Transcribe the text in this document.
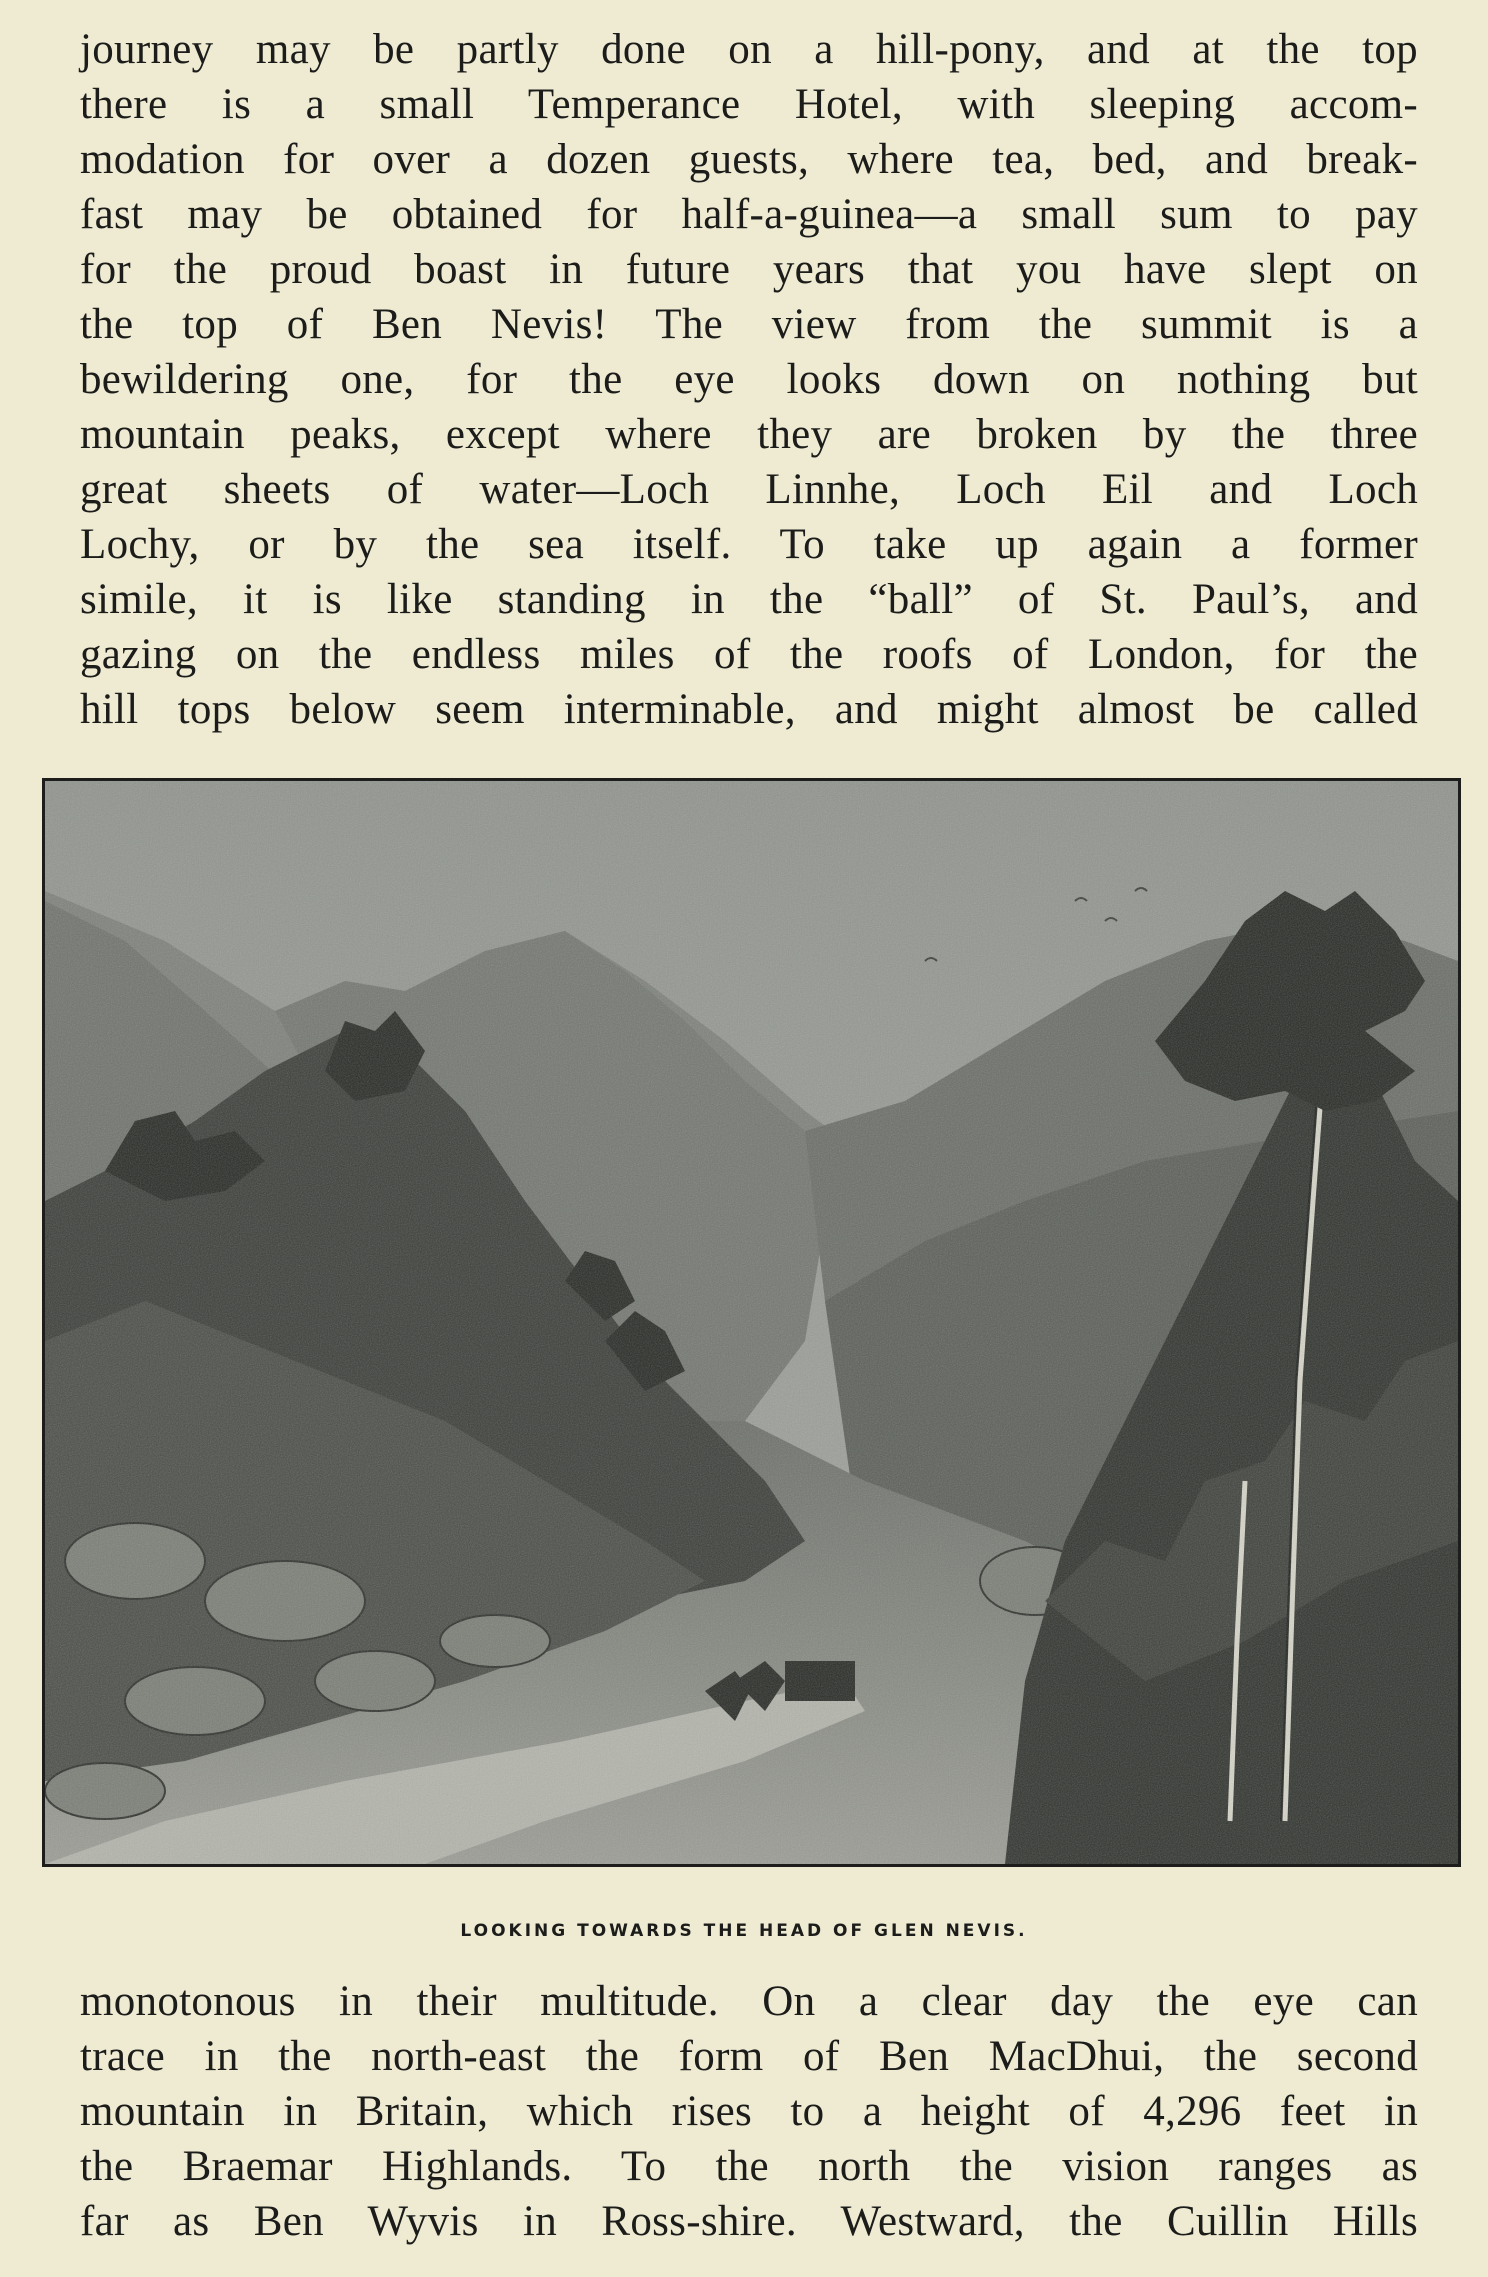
journey may be partly done on a hill-pony, and at the top

there is a small Temperance Hotel, with sleeping accom-

modation for over a dozen guests, where tea, bed, and break-

fast may be obtained for half-a-guinea—a small sum to pay

for the proud boast in future years that you have slept on

the top of Ben Nevis! The view from the summit is a

bewildering one, for the eye looks down on nothing but

mountain peaks, except where they are broken by the three

great sheets of water—Loch Linnhe, Loch Eil and Loch

Lochy, or by the sea itself. To take up again a former

simile, it is like standing in the “ball” of St. Paul’s, and

gazing on the endless miles of the roofs of London, for the

hill tops below seem interminable, and might almost be called

LOOKING TOWARDS THE HEAD OF GLEN NEVIS.

monotonous in their multitude. On a clear day the eye can

trace in the north-east the form of Ben MacDhui, the second

mountain in Britain, which rises to a height of 4,296 feet in

the Braemar Highlands. To the north the vision ranges as

far as Ben Wyvis in Ross-shire. Westward, the Cuillin Hills
